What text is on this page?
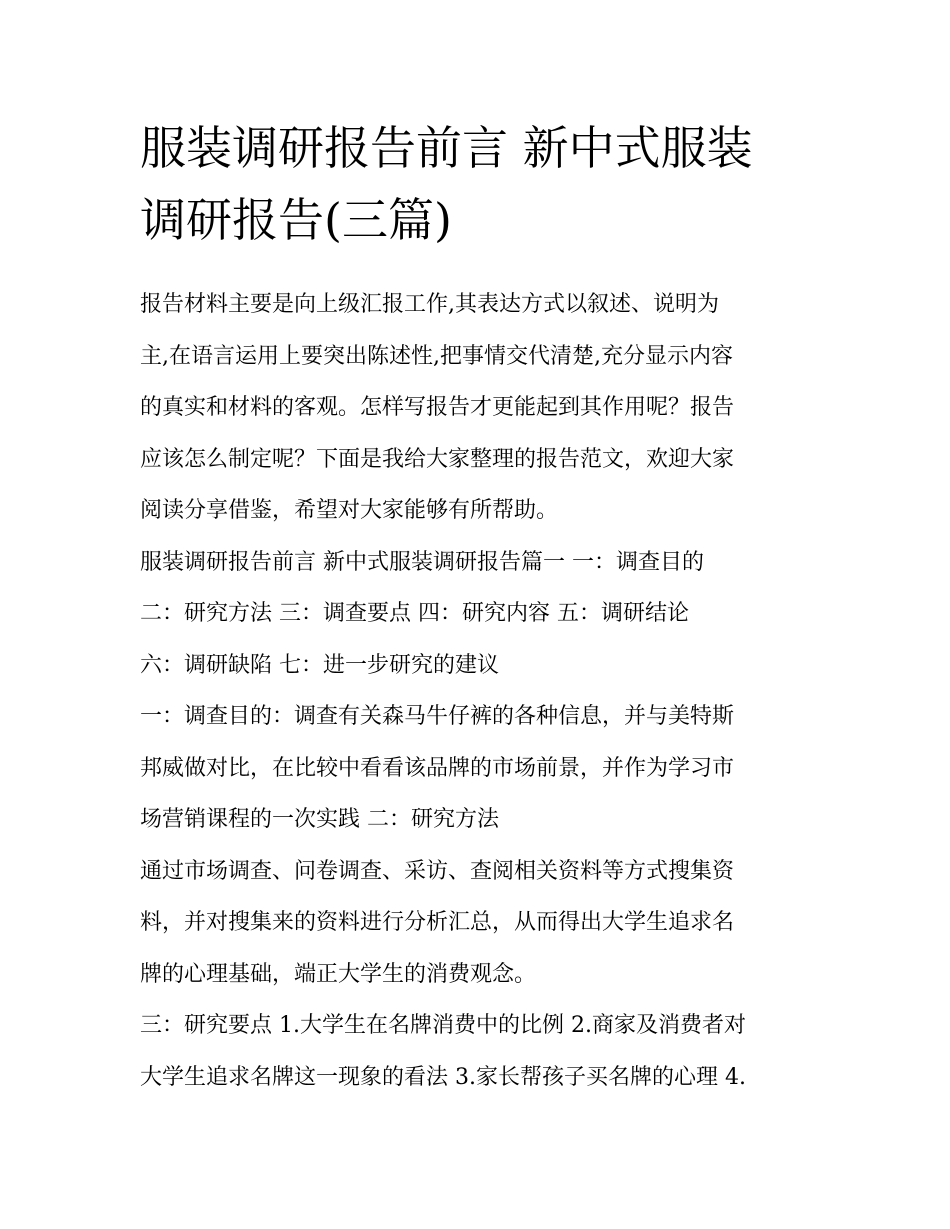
服装调研报告前言 新中式服装
调研报告(三篇)
报告材料主要是向上级汇报工作,其表达方式以叙述、说明为
主,在语言运用上要突出陈述性,把事情交代清楚,充分显示内容
的真实和材料的客观。怎样写报告才更能起到其作用呢？报告
应该怎么制定呢？下面是我给大家整理的报告范文，欢迎大家
阅读分享借鉴，希望对大家能够有所帮助。
服装调研报告前言 新中式服装调研报告篇一 一：调查目的
二：研究方法 三：调查要点 四：研究内容 五：调研结论
六：调研缺陷 七：进一步研究的建议
一：调查目的：调查有关森马牛仔裤的各种信息，并与美特斯
邦威做对比，在比较中看看该品牌的市场前景，并作为学习市
场营销课程的一次实践 二：研究方法
通过市场调查、问卷调查、采访、查阅相关资料等方式搜集资
料，并对搜集来的资料进行分析汇总，从而得出大学生追求名
牌的心理基础，端正大学生的消费观念。
三：研究要点 1.大学生在名牌消费中的比例 2.商家及消费者对
大学生追求名牌这一现象的看法 3.家长帮孩子买名牌的心理 4.
